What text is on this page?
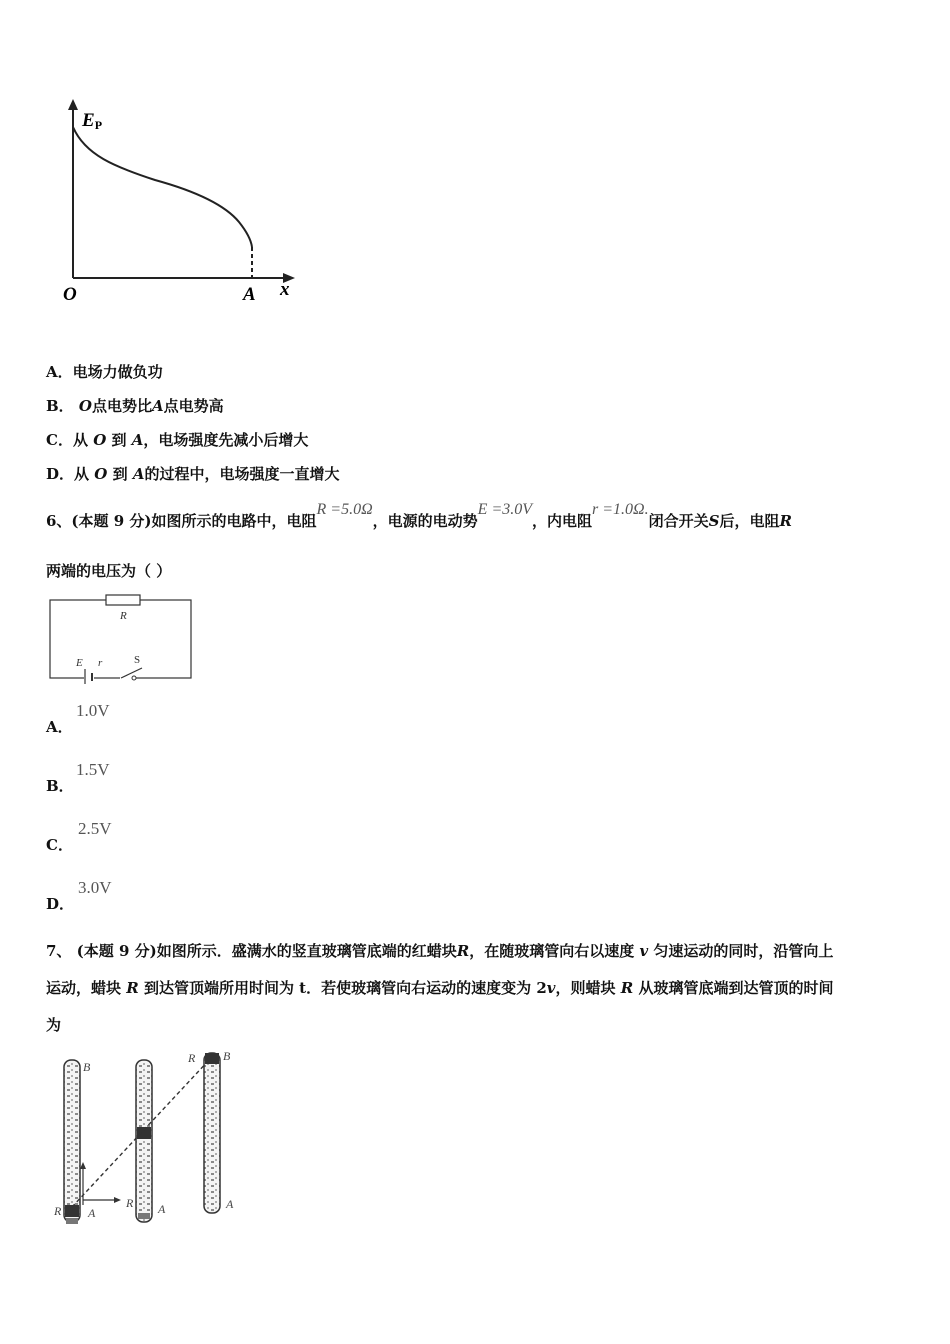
EP
O	A x
A．电场力做负功
B． O点电势比A点电势高
C．从 O 到 A，电场强度先减小后增大
D．从 O 到 A的过程中，电场强度一直增大
6、(本题 9 分)如图所示的电路中，电阻R =5.0Ω，电源的电动势E =3.0V，内电阻r =1.0Ω.闭合开关S后，电阻R
两端的电压为（ ）
R
E r	S
A．
1.0V
B．
1.5V
C．
2.5V
D．
3.0V
7、 (本题 9 分)如图所示．盛满水的竖直玻璃管底端的红蜡块R，在随玻璃管向右以速度 v 匀速运动的同时，沿管向上
运动，蜡块 R 到达管顶端所用时间为 t．若使玻璃管向右运动的速度变为 2v，则蜡块 R 从玻璃管底端到达管顶的时间
为
B
R A
R A
R B
A
